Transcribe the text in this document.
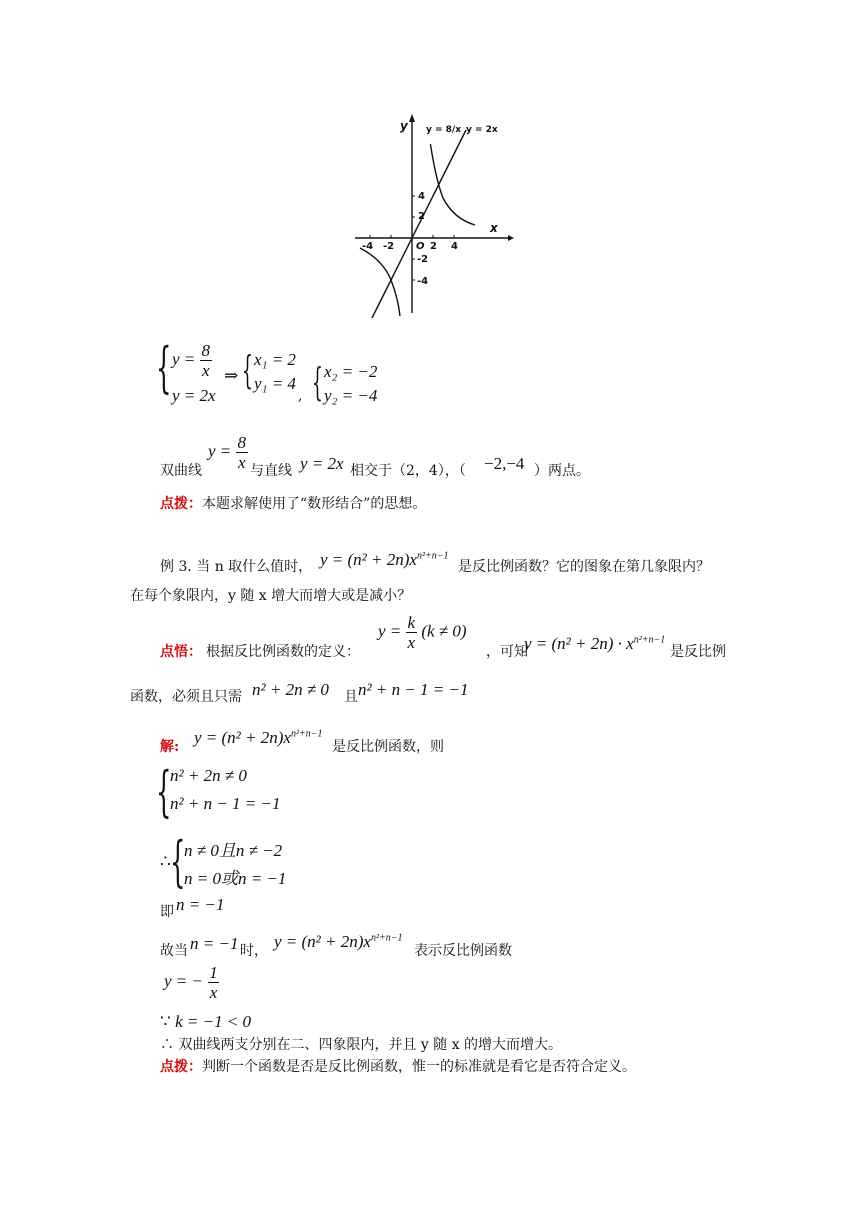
y
x
O
y = 8/x y = 2x
-4 -2	2 4
4
2
-2
-4
{ $y = \frac{8}{x}$
y = 2x
⇒ { x₁ = 2
y₁ = 4
, { x₂ = −2
y₂ = −4
双曲线
$y = \frac{8}{x}$ 与直线 y = 2x 相交于（2，4），（ −2,−4 ）两点。
点拨：本题求解使用了“数形结合”的思想。
例 3. 当 n 取什么值时， $y = (n^2 + 2n)x^{n^2+n-1}$
是反比例函数？它的图象在第几象限内？
在每个象限内，y 随 x 增大而增大或是减小？
点悟： 根据反比例函数的定义：
$y = \frac{k}{x} (k \ne 0)$
，可知
$y = (n^2 + 2n) \cdot x^{n^2+n-1}$
是反比例
函数，必须且只需 n² + 2n ≠ 0 且 n² + n − 1 = −1
解: $y = (n^2 + 2n)x^{n^2+n-1}$
是反比例函数，则
{
n² + 2n ≠ 0
n² + n − 1 = −1
∴ {
n ≠ 0且n ≠ −2
n = 0或n = −1
即 n = −1
故当 n = −1 时， $y = (n^2 + 2n)x^{n^2+n-1}$
表示反比例函数
y = − $\frac{1}{x}$
∵ k = −1 < 0
∴ 双曲线两支分别在二、四象限内，并且 y 随 x 的增大而增大。
点拨：判断一个函数是否是反比例函数，惟一的标准就是看它是否符合定义。
